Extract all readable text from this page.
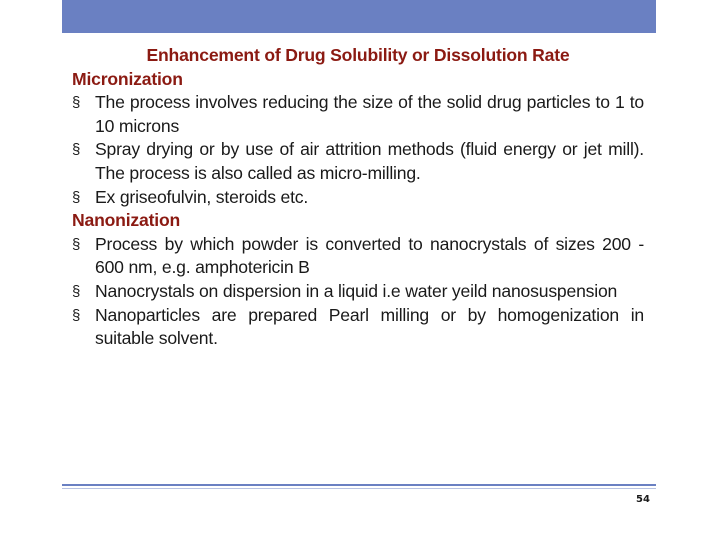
Enhancement of Drug Solubility or Dissolution Rate
Micronization
§ The process involves reducing the size of the solid drug particles to 1 to 10 microns
§ Spray drying or by use of air attrition methods (fluid energy or jet mill). The process is also called as micro-milling.
§ Ex griseofulvin, steroids etc.
Nanonization
§ Process by which powder is converted to nanocrystals of sizes 200 - 600 nm, e.g. amphotericin B
§ Nanocrystals on dispersion in a liquid i.e water yeild nanosuspension
§ Nanoparticles are prepared Pearl milling or by homogenization in suitable solvent.
54
